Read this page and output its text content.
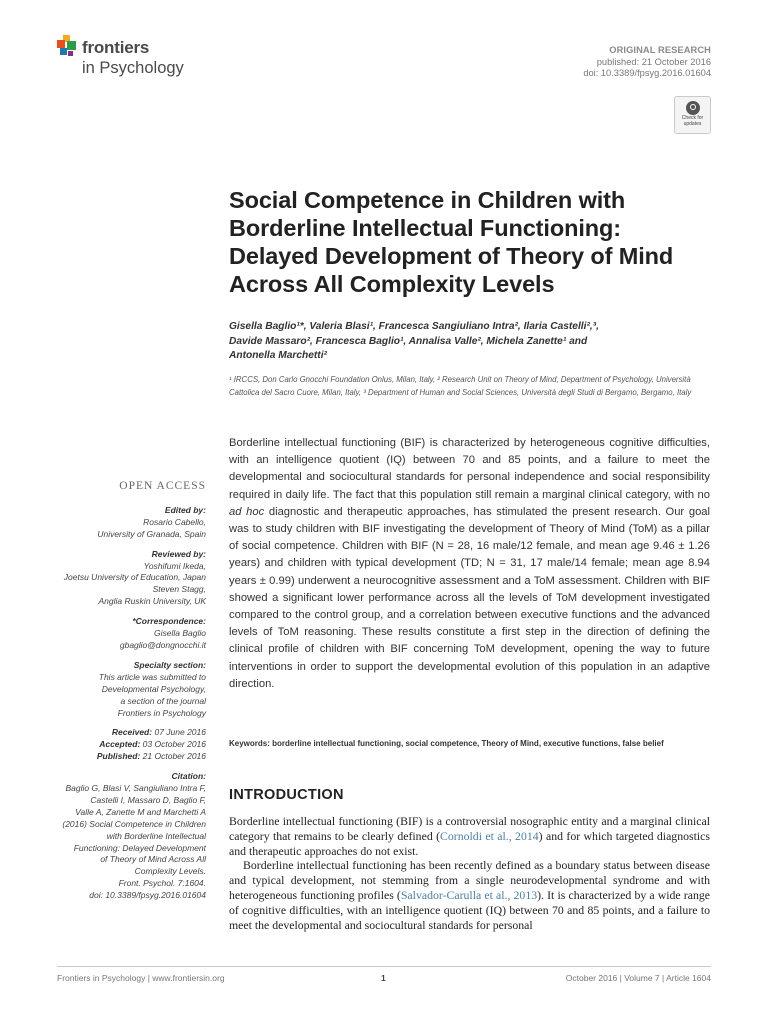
frontiers
in Psychology
ORIGINAL RESEARCH
published: 21 October 2016
doi: 10.3389/fpsyg.2016.01604
Check for
updates
Social Competence in Children with Borderline Intellectual Functioning: Delayed Development of Theory of Mind Across All Complexity Levels
Gisella Baglio¹*, Valeria Blasi¹, Francesca Sangiuliano Intra², Ilaria Castelli²,³,
Davide Massaro², Francesca Baglio¹, Annalisa Valle², Michela Zanette¹ and
Antonella Marchetti²
¹ IRCCS, Don Carlo Gnocchi Foundation Onlus, Milan, Italy, ² Research Unit on Theory of Mind, Department of Psychology, Università Cattolica del Sacro Cuore, Milan, Italy, ³ Department of Human and Social Sciences, Università degli Studi di Bergamo, Bergamo, Italy
Borderline intellectual functioning (BIF) is characterized by heterogeneous cognitive difficulties, with an intelligence quotient (IQ) between 70 and 85 points, and a failure to meet the developmental and sociocultural standards for personal independence and social responsibility required in daily life. The fact that this population still remain a marginal clinical category, with no ad hoc diagnostic and therapeutic approaches, has stimulated the present research. Our goal was to study children with BIF investigating the development of Theory of Mind (ToM) as a pillar of social competence. Children with BIF (N = 28, 16 male/12 female, and mean age 9.46 ± 1.26 years) and children with typical development (TD; N = 31, 17 male/14 female; mean age 8.94 years ± 0.99) underwent a neurocognitive assessment and a ToM assessment. Children with BIF showed a significant lower performance across all the levels of ToM development investigated compared to the control group, and a correlation between executive functions and the advanced levels of ToM reasoning. These results constitute a first step in the direction of defining the clinical profile of children with BIF concerning ToM development, opening the way to future interventions in order to support the developmental evolution of this population in an adaptive direction.
Keywords: borderline intellectual functioning, social competence, Theory of Mind, executive functions, false belief
INTRODUCTION

Borderline intellectual functioning (BIF) is a controversial nosographic entity and a marginal clinical category that remains to be clearly defined (Cornoldi et al., 2014) and for which targeted diagnostics and therapeutic approaches do not exist.

Borderline intellectual functioning has been recently defined as a boundary status between disease and typical development, not stemming from a single neurodevelopmental syndrome and with heterogeneous functioning profiles (Salvador-Carulla et al., 2013). It is characterized by a wide range of cognitive difficulties, with an intelligence quotient (IQ) between 70 and 85 points, and a failure to meet the developmental and sociocultural standards for personal

OPEN ACCESS
Edited by:
Rosario Cabello,
University of Granada, Spain
Reviewed by:
Yoshifumi Ikeda,
Joetsu University of Education, Japan
Steven Stagg,
Anglia Ruskin University, UK
*Correspondence:
Gisella Baglio
gbaglio@dongnocchi.it
Specialty section:
This article was submitted to
Developmental Psychology,
a section of the journal
Frontiers in Psychology
Received: 07 June 2016
Accepted: 03 October 2016
Published: 21 October 2016
Citation:
Baglio G, Blasi V, Sangiuliano Intra F,
Castelli I, Massaro D, Baglio F,
Valle A, Zanette M and Marchetti A
(2016) Social Competence in Children
with Borderline Intellectual
Functioning: Delayed Development
of Theory of Mind Across All
Complexity Levels.
Front. Psychol. 7:1604.
doi: 10.3389/fpsyg.2016.01604
Frontiers in Psychology | www.frontiersin.org	1	October 2016 | Volume 7 | Article 1604
